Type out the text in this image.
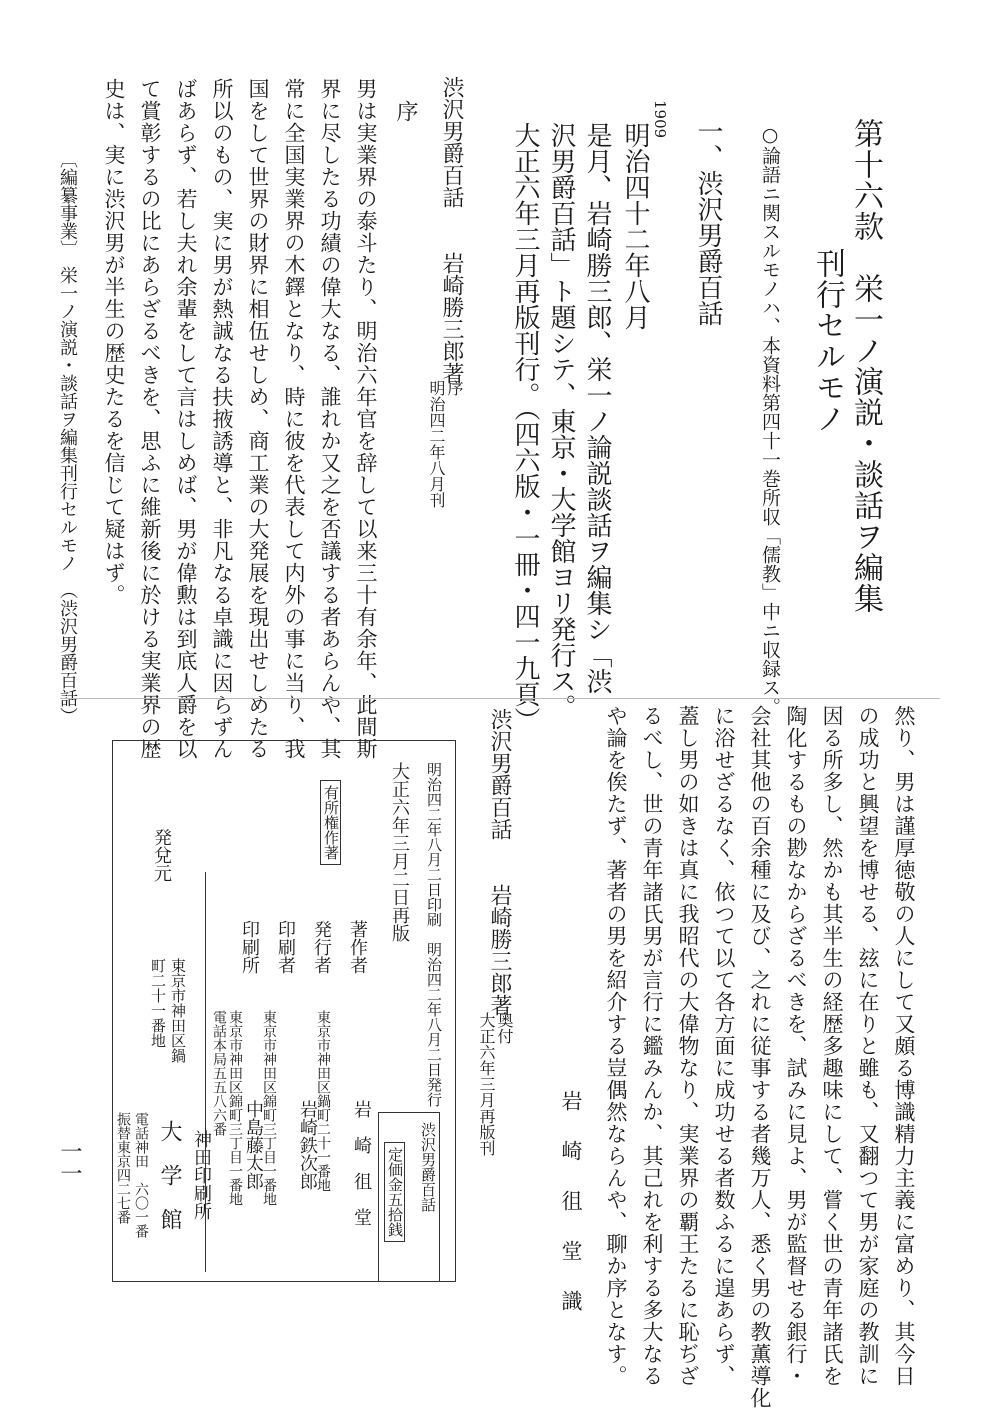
第十六款　栄一ノ演説・談話ヲ編集
刊行セルモノ
○論語ニ関スルモノハ、本資料第四十一巻所収「儒教」中ニ収録ス。
一、渋沢男爵百話
1909
明治四十二年八月
是月、岩崎勝三郎、栄一ノ論説談話ヲ編集シ「渋
沢男爵百話」ト題シテ、東京・大学館ヨリ発行ス。
大正六年三月再版刊行。（四六版・一冊・四一九頁）
渋沢男爵百話　　岩崎勝三郎著
序
明治四二年八月刊
序
男は実業界の泰斗たり、明治六年官を辞して以来三十有余年、此間斯
界に尽したる功績の偉大なる、誰れか又之を否議する者あらんや、其
常に全国実業界の木鐸となり、時に彼を代表して内外の事に当り、我
国をして世界の財界に相伍せしめ、商工業の大発展を現出せしめたる
所以のもの、実に男が熱誠なる扶掖誘導と、非凡なる卓識に因らずん
ばあらず、若し夫れ余輩をして言はしめば、男が偉勲は到底人爵を以
て賞彰するの比にあらざるべきを、思ふに維新後に於ける実業界の歴
史は、実に渋沢男が半生の歴史たるを信じて疑はず。
〔編纂事業〕
栄一ノ演説・談話ヲ編集刊行セルモノ　（渋沢男爵百話）
然り、男は謹厚徳敬の人にして又頗る博識精力主義に富めり、其今日
の成功と興望を博せる、玆に在りと雖も、又翻つて男が家庭の教訓に
因る所多し、然かも其半生の経歴多趣味にして、嘗く世の青年諸氏を
陶化するもの尠なからざるべきを、試みに見よ、男が監督せる銀行・
会社其他の百余種に及び、之れに従事する者幾万人、悉く男の教薫導化
に浴せざるなく、依つて以て各方面に成功せる者数ふるに遑あらず、
蓋し男の如きは真に我昭代の大偉物なり、実業界の覇王たるに恥ぢざ
るべし、世の青年諸氏男が言行に鑑みんか、其己れを利する多大なる
や論を俟たず、著者の男を紹介する豈偶然ならんや、聊か序となす。
岩　崎　徂　堂　識
渋沢男爵百話　　岩崎勝三郎著
奥付
大正六年三月再版刊
明治四二年八月二日印刷　明治四二年八月二日発行
大正六年三月二日再版
有所権作著
著作者
発行者
印刷者
印刷所
岩　崎　徂　堂
東京市神田区鍋町二十一番地
岩崎鉄次郎
東京市神田区錦町三丁目一番地
中島藤太郎
東京市神田区錦町三丁目一番地
電話本局五五八六番
神田印刷所	渋沢男爵百話
定価金五拾銭
発兌元
東京市神田区鍋
町二十一番地
大　学　館
電話神田　六〇一番
振替東京四二七番
一一
